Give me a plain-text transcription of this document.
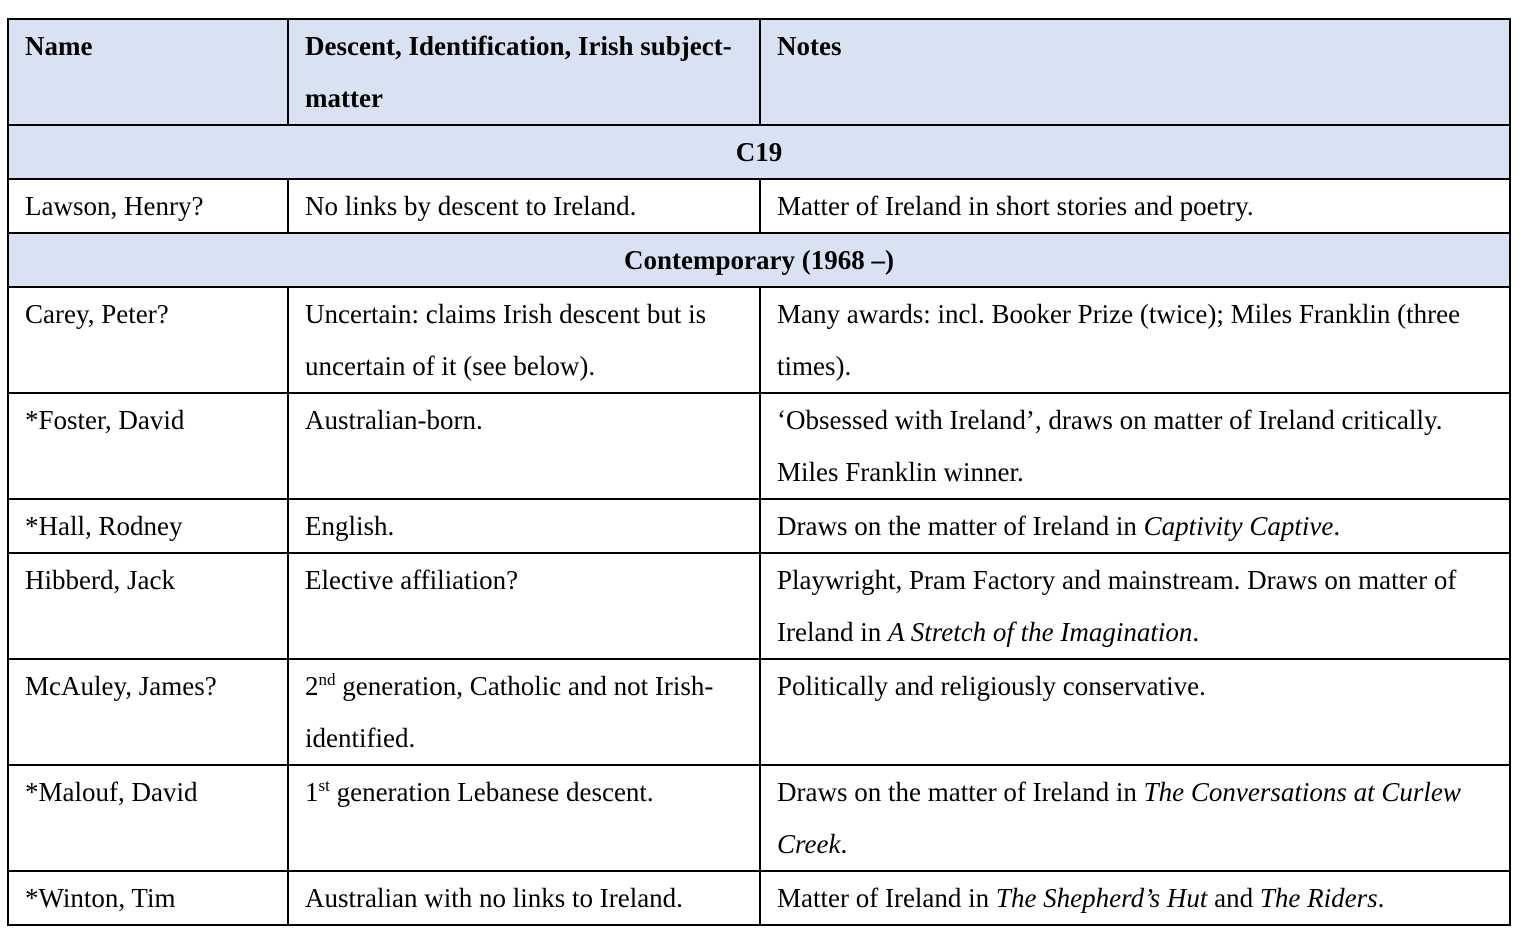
Name	Descent, Identification, Irish subject-matter	Notes
C19		
Lawson, Henry?	No links by descent to Ireland.	Matter of Ireland in short stories and poetry.
Contemporary (1968 –)		
Carey, Peter?	Uncertain: claims Irish descent but is uncertain of it (see below).	Many awards: incl. Booker Prize (twice); Miles Franklin (three times).
*Foster, David	Australian-born.	‘Obsessed with Ireland’, draws on matter of Ireland critically. Miles Franklin winner.
*Hall, Rodney	English.	Draws on the matter of Ireland in Captivity Captive.
Hibberd, Jack	Elective affiliation?	Playwright, Pram Factory and mainstream. Draws on matter of Ireland in A Stretch of the Imagination.
McAuley, James?	2nd generation, Catholic and not Irish-identified.	Politically and religiously conservative.
*Malouf, David	1st generation Lebanese descent.	Draws on the matter of Ireland in The Conversations at Curlew Creek.
*Winton, Tim	Australian with no links to Ireland.	Matter of Ireland in The Shepherd’s Hut and The Riders.
